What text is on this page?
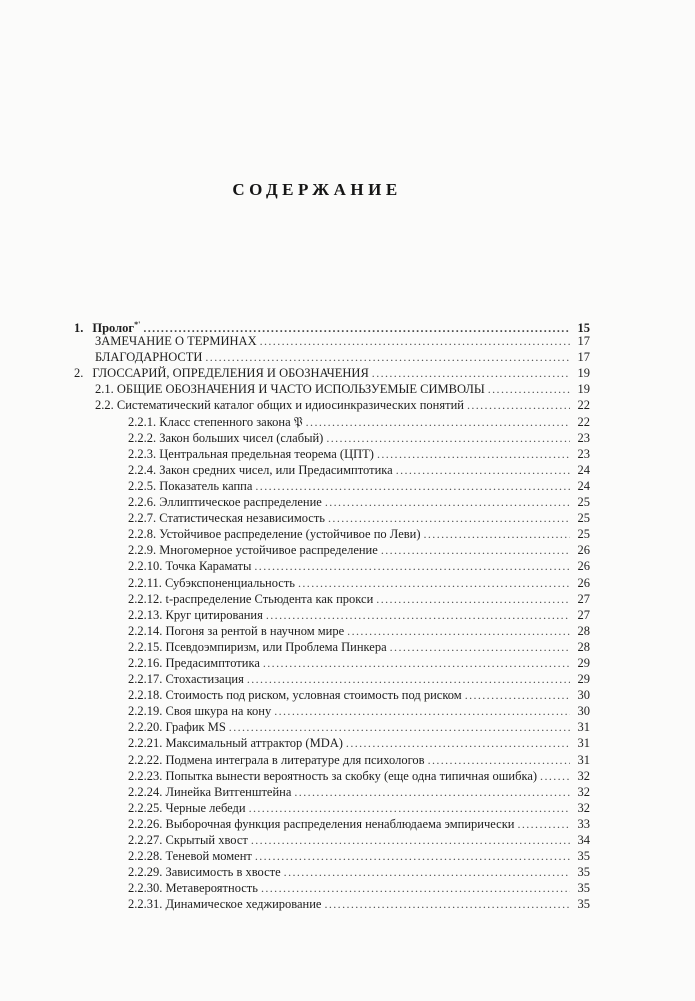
СОДЕРЖАНИЕ
1. Пролог*' .....	15
ЗАМЕЧАНИЕ О ТЕРМИНАХ .....	17
БЛАГОДАРНОСТИ .....	17
2. ГЛОССАРИЙ, ОПРЕДЕЛЕНИЯ И ОБОЗНАЧЕНИЯ .....	19
2.1. ОБЩИЕ ОБОЗНАЧЕНИЯ И ЧАСТО ИСПОЛЬЗУЕМЫЕ СИМВОЛЫ .....	19
2.2. Систематический каталог общих и идиосинкразических понятий .....	22
2.2.1. Класс степенного закона 𝔓 .....	22
2.2.2. Закон больших чисел (слабый) .....	23
2.2.3. Центральная предельная теорема (ЦПТ) .....	23
2.2.4. Закон средних чисел, или Предасимптотика .....	24
2.2.5. Показатель каппа .....	24
2.2.6. Эллиптическое распределение .....	25
2.2.7. Статистическая независимость .....	25
2.2.8. Устойчивое распределение (устойчивое по Леви) .....	25
2.2.9. Многомерное устойчивое распределение .....	26
2.2.10. Точка Караматы .....	26
2.2.11. Субэкспоненциальность .....	26
2.2.12. t-распределение Стьюдента как прокси .....	27
2.2.13. Круг цитирования .....	27
2.2.14. Погоня за рентой в научном мире .....	28
2.2.15. Псевдоэмпиризм, или Проблема Пинкера .....	28
2.2.16. Предасимптотика .....	29
2.2.17. Стохастизация .....	29
2.2.18. Стоимость под риском, условная стоимость под риском .....	30
2.2.19. Своя шкура на кону .....	30
2.2.20. График MS .....	31
2.2.21. Максимальный аттрактор (MDA) .....	31
2.2.22. Подмена интеграла в литературе для психологов .....	31
2.2.23. Попытка вынести вероятность за скобку (еще одна типичная ошибка) .....	32
2.2.24. Линейка Витгенштейна .....	32
2.2.25. Черные лебеди .....	32
2.2.26. Выборочная функция распределения ненаблюдаема эмпирически .....	33
2.2.27. Скрытый хвост .....	34
2.2.28. Теневой момент .....	35
2.2.29. Зависимость в хвосте .....	35
2.2.30. Метавероятность .....	35
2.2.31. Динамическое хеджирование .....	35
